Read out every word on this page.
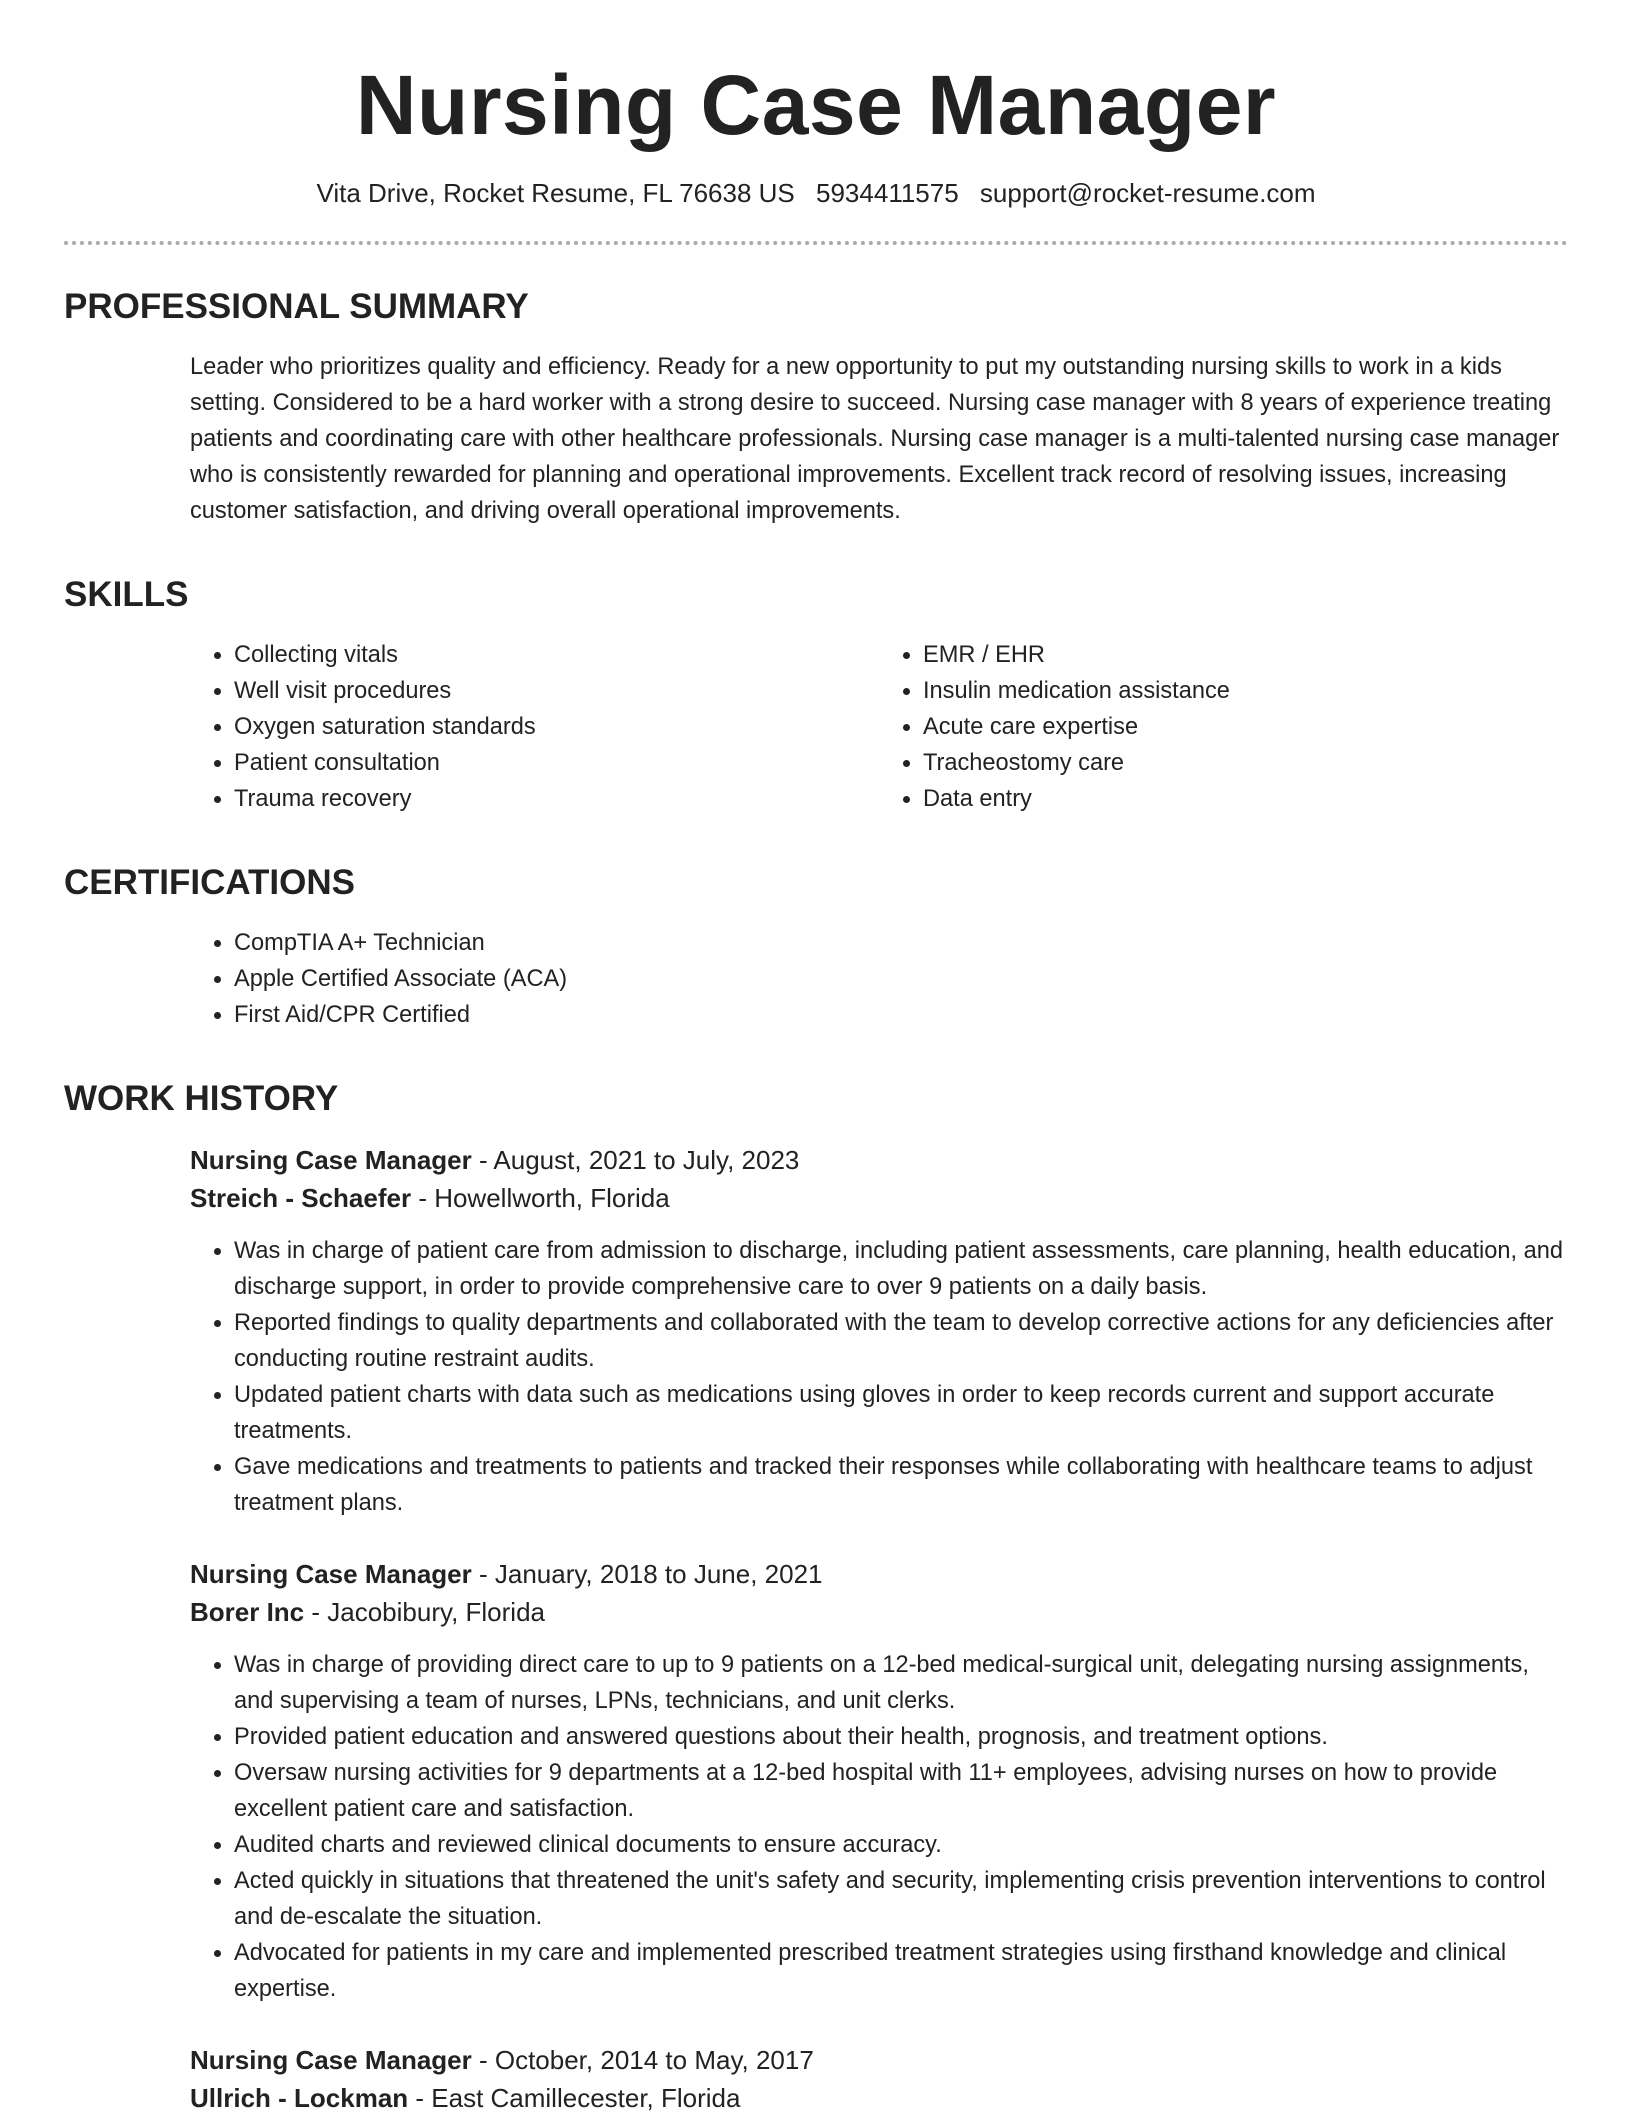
Nursing Case Manager
Vita Drive, Rocket Resume, FL 76638 US 5934411575 support@rocket-resume.com
PROFESSIONAL SUMMARY
Leader who prioritizes quality and efficiency. Ready for a new opportunity to put my outstanding nursing skills to work in a kids setting. Considered to be a hard worker with a strong desire to succeed. Nursing case manager with 8 years of experience treating patients and coordinating care with other healthcare professionals. Nursing case manager is a multi-talented nursing case manager who is consistently rewarded for planning and operational improvements. Excellent track record of resolving issues, increasing customer satisfaction, and driving overall operational improvements.
SKILLS
• Collecting vitals
• Well visit procedures
• Oxygen saturation standards
• Patient consultation
• Trauma recovery
• EMR / EHR
• Insulin medication assistance
• Acute care expertise
• Tracheostomy care
• Data entry
CERTIFICATIONS
• CompTIA A+ Technician
• Apple Certified Associate (ACA)
• First Aid/CPR Certified
WORK HISTORY
Nursing Case Manager - August, 2021 to July, 2023
Streich - Schaefer - Howellworth, Florida
• Was in charge of patient care from admission to discharge, including patient assessments, care planning, health education, and discharge support, in order to provide comprehensive care to over 9 patients on a daily basis.
• Reported findings to quality departments and collaborated with the team to develop corrective actions for any deficiencies after conducting routine restraint audits.
• Updated patient charts with data such as medications using gloves in order to keep records current and support accurate treatments.
• Gave medications and treatments to patients and tracked their responses while collaborating with healthcare teams to adjust treatment plans.
Nursing Case Manager - January, 2018 to June, 2021
Borer Inc - Jacobibury, Florida
• Was in charge of providing direct care to up to 9 patients on a 12-bed medical-surgical unit, delegating nursing assignments, and supervising a team of nurses, LPNs, technicians, and unit clerks.
• Provided patient education and answered questions about their health, prognosis, and treatment options.
• Oversaw nursing activities for 9 departments at a 12-bed hospital with 11+ employees, advising nurses on how to provide excellent patient care and satisfaction.
• Audited charts and reviewed clinical documents to ensure accuracy.
• Acted quickly in situations that threatened the unit's safety and security, implementing crisis prevention interventions to control and de-escalate the situation.
• Advocated for patients in my care and implemented prescribed treatment strategies using firsthand knowledge and clinical expertise.
Nursing Case Manager - October, 2014 to May, 2017
Ullrich - Lockman - East Camillecester, Florida
